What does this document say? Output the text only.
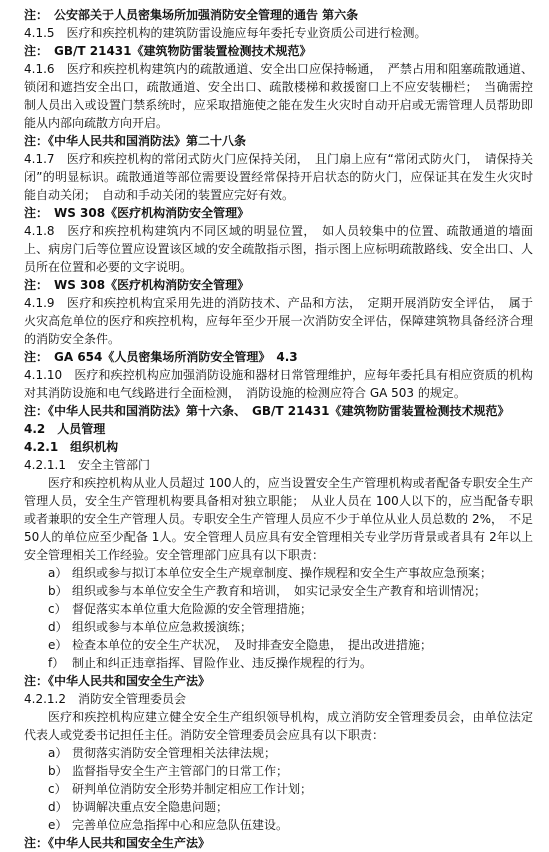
注：　公安部关于人员密集场所加强消防安全管理的通告 第六条

4.1.5　医疗和疾控机构的建筑防雷设施应每年委托专业资质公司进行检测。

注：　GB/T 21431《建筑物防雷装置检测技术规范》

4.1.6　医疗和疾控机构建筑内的疏散通道、安全出口应保持畅通，　严禁占用和阻塞疏散通道、锁闭和遮挡安全出口，疏散通道、安全出口、疏散楼梯和救援窗口上不应安装栅栏；　当确需控制人员出入或设置门禁系统时，应采取措施使之能在发生火灾时自动开启或无需管理人员帮助即能从内部向疏散方向开启。

注：《中华人民共和国消防法》第二十八条

4.1.7　医疗和疾控机构的常闭式防火门应保持关闭，　且门扇上应有“常闭式防火门，　请保持关闭”的明显标识。疏散通道等部位需要设置经常保持开启状态的防火门，应保证其在发生火灾时能自动关闭；　自动和手动关闭的装置应完好有效。

注：　WS 308《医疗机构消防安全管理》

4.1.8　医疗和疾控机构建筑内不同区域的明显位置，　如人员较集中的位置、疏散通道的墙面上、病房门后等位置应设置该区域的安全疏散指示图，指示图上应标明疏散路线、安全出口、人员所在位置和必要的文字说明。

注：　WS 308《医疗机构消防安全管理》

4.1.9　医疗和疾控机构宜采用先进的消防技术、产品和方法，　定期开展消防安全评估，　属于火灾高危单位的医疗和疾控机构，应每年至少开展一次消防安全评估，保障建筑物具备经济合理的消防安全条件。

注：　GA 654《人员密集场所消防安全管理》　4.3

4.1.10　医疗和疾控机构应加强消防设施和器材日常管理维护，应每年委托具有相应资质的机构对其消防设施和电气线路进行全面检测，　消防设施的检测应符合 GA 503 的规定。

注：《中华人民共和国消防法》第十六条、　GB/T 21431《建筑物防雷装置检测技术规范》

4.2　人员管理

4.2.1　组织机构

4.2.1.1　安全主管部门

医疗和疾控机构从业人员超过 100人的，应当设置安全生产管理机构或者配备专职安全生产管理人员，安全生产管理机构要具备相对独立职能；　从业人员在 100人以下的，应当配备专职或者兼职的安全生产管理人员。专职安全生产管理人员应不少于单位从业人员总数的 2%，　不足 50人的单位应至少配备 1人。安全管理人员应具有安全管理相关专业学历背景或者具有 2年以上安全管理相关工作经验。安全管理部门应具有以下职责：

a） 组织或参与拟订本单位安全生产规章制度、操作规程和安全生产事故应急预案；

b） 组织或参与本单位安全生产教育和培训，　如实记录安全生产教育和培训情况；

c） 督促落实本单位重大危险源的安全管理措施；

d） 组织或参与本单位应急救援演练；

e） 检查本单位的安全生产状况，　及时排查安全隐患，　提出改进措施；

f） 制止和纠正违章指挥、冒险作业、违反操作规程的行为。

注：《中华人民共和国安全生产法》

4.2.1.2　消防安全管理委员会

医疗和疾控机构应建立健全安全生产组织领导机构，成立消防安全管理委员会，由单位法定代表人或党委书记担任主任。消防安全管理委员会应具有以下职责：

a） 贯彻落实消防安全管理相关法律法规；

b） 监督指导安全生产主管部门的日常工作；

c） 研判单位消防安全形势并制定相应工作计划；

d） 协调解决重点安全隐患问题；

e） 完善单位应急指挥中心和应急队伍建设。

注：《中华人民共和国安全生产法》
